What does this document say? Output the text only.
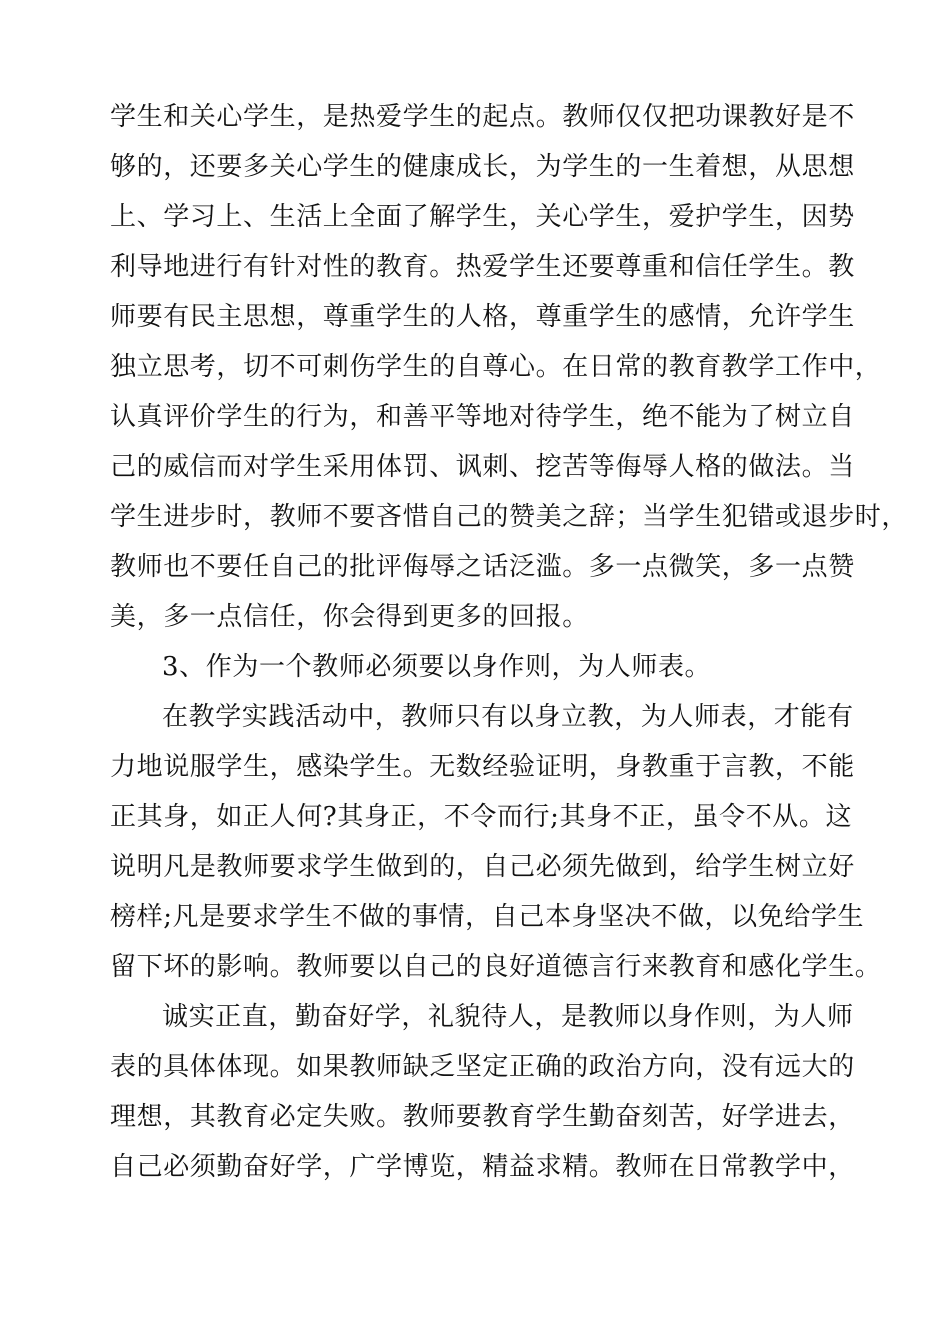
学生和关心学生，是热爱学生的起点。教师仅仅把功课教好是不
够的，还要多关心学生的健康成长，为学生的一生着想，从思想
上、学习上、生活上全面了解学生，关心学生，爱护学生，因势
利导地进行有针对性的教育。热爱学生还要尊重和信任学生。教
师要有民主思想，尊重学生的人格，尊重学生的感情，允许学生
独立思考，切不可刺伤学生的自尊心。在日常的教育教学工作中，
认真评价学生的行为，和善平等地对待学生，绝不能为了树立自
己的威信而对学生采用体罚、讽刺、挖苦等侮辱人格的做法。当
学生进步时，教师不要吝惜自己的赞美之辞；当学生犯错或退步时，
教师也不要任自己的批评侮辱之话泛滥。多一点微笑，多一点赞
美，多一点信任，你会得到更多的回报。
3、作为一个教师必须要以身作则，为人师表。
在教学实践活动中，教师只有以身立教，为人师表，才能有
力地说服学生，感染学生。无数经验证明，身教重于言教，不能
正其身，如正人何?其身正，不令而行;其身不正，虽令不从。这
说明凡是教师要求学生做到的，自己必须先做到，给学生树立好
榜样;凡是要求学生不做的事情，自己本身坚决不做，以免给学生
留下坏的影响。教师要以自己的良好道德言行来教育和感化学生。
诚实正直，勤奋好学，礼貌待人，是教师以身作则，为人师
表的具体体现。如果教师缺乏坚定正确的政治方向，没有远大的
理想，其教育必定失败。教师要教育学生勤奋刻苦，好学进去，
自己必须勤奋好学，广学博览，精益求精。教师在日常教学中，
